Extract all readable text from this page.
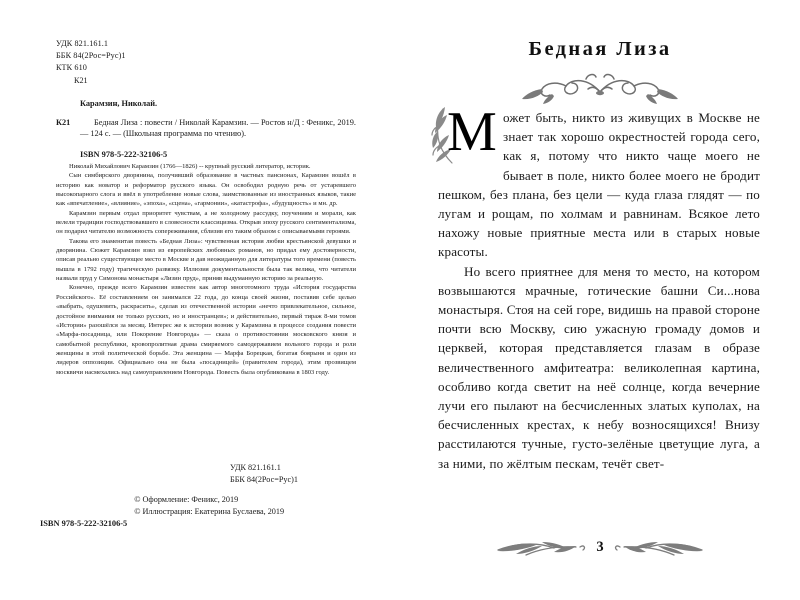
УДК 821.161.1
ББК 84(2Рос=Рус)1
КТК 610
К21
Карамзин, Николай.
К21	Бедная Лиза : повести / Николай Карамзин. — Ростов н/Д : Феникс, 2019. — 124 с. — (Школьная программа по чтению).
ISBN 978-5-222-32106-5

Николай Михайлович Карамзин (1766—1826) -- крупный русский литератор, историк.

Сын симбирского дворянина, получивший образование в частных пансионах, Карамзин вошёл в историю как новатор и реформатор русского языка. Он освободил родную речь от устаревшего высокопарного слога и ввёл в употребление новые слова, заимствованные из иностранных языков, такие как «впечатление», «влияние», «эпоха», «сцена», «гармонии», «катастрофа», «будущность» и мн. др.

Карамзин первым отдал приоритет чувствам, а не холодному рассудку, поучениям и морали, как велели традиции господствовавшего в словесности классицизма. Открыв эпоху русского сентиментализма, он подарил читателю возможность сопереживания, сблизив его таким образом с описываемыми героями.

Такова его знаменитая повесть «Бедная Лиза»: чувственная история любви крестьянской девушки и дворянина. Сюжет Карамзин взял из европейских любовных романов, но придал ему достоверности, описав реально существующее место в Москве и дав неожиданную для литературы того времени (повесть вышла в 1792 году) трагическую развязку. Иллюзия документальности была так велика, что читатели назвали пруд у Симонова монастыря «Лизин пруд», приняв выдуманную историю за реальную.

Конечно, прежде всего Карамзин известен как автор многотомного труда «История государства Российского». Её составлением он занимался 22 года, до конца своей жизни, поставив себе целью «выбрать, одушевить, раскрасить», сделав из отечественной истории «нечто привлекательное, сильное, достойное внимания не только русских, но и иностранцев»; и действительно, первый тираж 8-ми томов «Истории» разошёлся за месяц. Интерес же к истории возник у Карамзина в процессе создания повести «Марфа-посадница, или Покорение Новгорода» — сказа о противостоянии московского князя и самобытной республики, кровопролитная драма смиряемого самодержавием вольного города и роли женщины в этой политической борьбе. Эта женщина — Марфа Борецкая, богатая боярыня и один из лидеров оппозиции. Официально она не была «посадницей» (правителем города), этим прозвищем москвичи насмехались над самоуправлением Новгорода. Повесть была опубликована в 1803 году.

УДК 821.161.1
ББК 84(2Рос=Рус)1
ISBN 978-5-222-32106-5
© Оформление: Феникс, 2019
© Иллюстрация: Екатерина Буслаева, 2019
Бедная Лиза

М ожет быть, никто из живущих в Москве не знает так хорошо окрестностей города сего, как я, потому что никто чаще моего не бывает в поле, никто более моего не бродит пешком, без плана, без цели — куда глаза глядят — по лугам и рощам, по холмам и равнинам. Всякое лето нахожу новые приятные места или в старых новые красоты.

Но всего приятнее для меня то место, на котором возвышаются мрачные, готические башни Си...нова монастыря. Стоя на сей горе, видишь на правой стороне почти всю Москву, сию ужасную громаду домов и церквей, которая представляется глазам в образе величественного амфитеатра: великолепная картина, особливо когда светит на неё солнце, когда вечерние лучи его пылают на бесчисленных златых куполах, на бесчисленных крестах, к небу возносящихся! Внизу расстилаются тучные, густо-зелёные цветущие луга, а за ними, по жёлтым пескам, течёт свет-

3
